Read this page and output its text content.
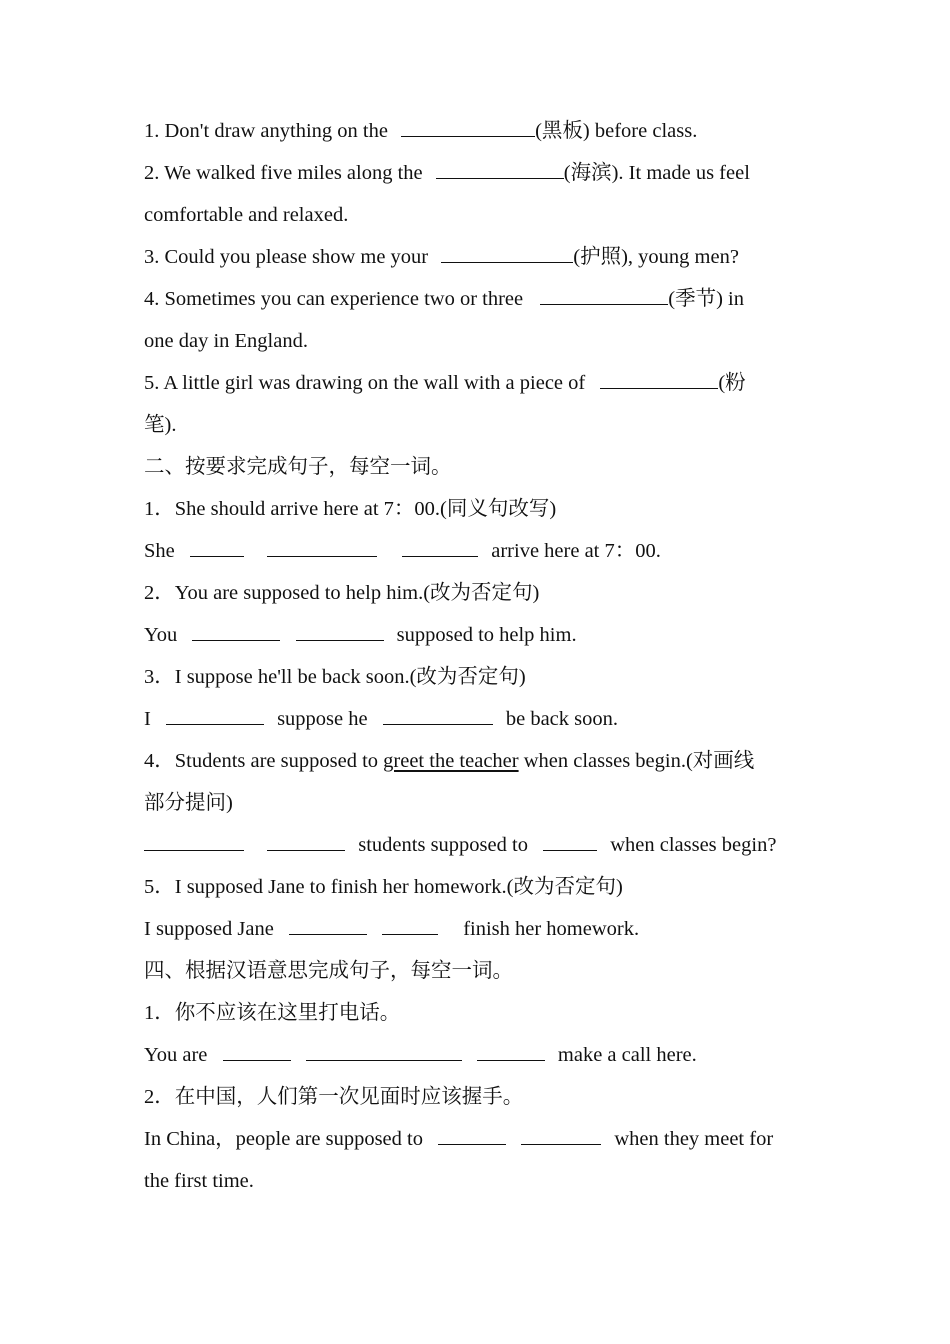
1. Don't draw anything on the	(黑板) before class.
2. We walked five miles along the	(海滨). It made us feel
comfortable and relaxed.
3. Could you please show me your	(护照), young men?
4. Sometimes you can experience two or three	(季节) in
one day in England.
5. A little girl was drawing on the wall with a piece of	(粉
笔).
二、按要求完成句子，每空一词。
1．She should arrive here at 7：00.(同义句改写)
She	arrive here at 7：00.
2．You are supposed to help him.(改为否定句)
You	supposed to help him.
3．I suppose he'll be back soon.(改为否定句)
I	suppose he	be back soon.
4．Students are supposed to greet the teacher when classes begin.(对画线
部分提问)
students supposed to	when classes begin?
5．I supposed Jane to finish her homework.(改为否定句)
I supposed Jane	finish her homework.
四、根据汉语意思完成句子，每空一词。
1．你不应该在这里打电话。
You are	make a call here.
2．在中国，人们第一次见面时应该握手。
In China，people are supposed to	when they meet for
the first time.
